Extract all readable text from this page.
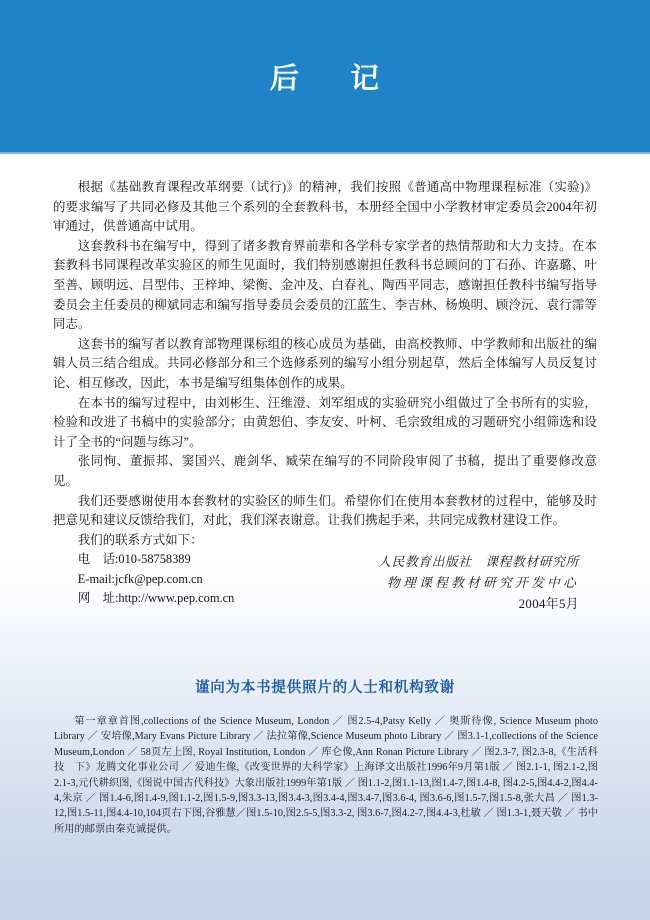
后 记

根据《基础教育课程改革纲要（试行)》的精神，我们按照《普通高中物理课程标准（实验)》的要求编写了共同必修及其他三个系列的全套教科书，本册经全国中小学教材审定委员会2004年初审通过，供普通高中试用。

这套教科书在编写中，得到了诸多教育界前辈和各学科专家学者的热情帮助和大力支持。在本套教科书同课程改革实验区的师生见面时，我们特别感谢担任教科书总顾问的丁石孙、许嘉璐、叶至善、顾明远、吕型伟、王梓坤、梁衡、金冲及、白春礼、陶西平同志，感谢担任教科书编写指导委员会主任委员的柳斌同志和编写指导委员会委员的江蓝生、李吉林、杨焕明、顾泠沅、袁行霈等同志。

这套书的编写者以教育部物理课标组的核心成员为基础，由高校教师、中学教师和出版社的编辑人员三结合组成。共同必修部分和三个选修系列的编写小组分别起草，然后全体编写人员反复讨论、相互修改，因此，本书是编写组集体创作的成果。

在本书的编写过程中，由刘彬生、汪维澄、刘军组成的实验研究小组做过了全书所有的实验，检验和改进了书稿中的实验部分；由黄恕伯、李友安、叶柯、毛宗致组成的习题研究小组筛选和设计了全书的“问题与练习”。

张同恂、董振邦、窦国兴、鹿剑华、臧荣在编写的不同阶段审阅了书稿，提出了重要修改意见。

我们还要感谢使用本套教材的实验区的师生们。希望你们在使用本套教材的过程中，能够及时把意见和建议反馈给我们，对此，我们深表谢意。让我们携起手来，共同完成教材建设工作。

我们的联系方式如下：

电　话:010-58758389

E-mail:jcfk@pep.com.cn

网　址:http://www.pep.com.cn

人民教育出版社　课程教材研究所
物理课程教材研究开发中心
2004年5月
谨向为本书提供照片的人士和机构致谢

第一章章首图,collections of the Science Museum, London ／ 图2.5-4,Patsy Kelly ／ 奥斯待像, Science Museum photo Library ／ 安培像,Mary Evans Picture Library ／ 法拉第像,Science Museum photo Library ／ 图3.1-1,collections of the Science Museum,London ／ 58页左上图, Royal Institution, London ／ 库仑像,Ann Ronan Picture Library ／ 图2.3-7, 图2.3-8,《生活科技　下》龙腾文化事业公司 ／ 爱迪生像,《改变世界的大科学家》上海译文出版社1996年9月第1版 ／ 图2.1-1, 图2.1-2,图2.1-3,元代耕织图,《图说中国古代科技》大象出版社1999年第1版 ／ 图1.1-2,图1.1-13,图1.4-7,图1.4-8, 图4.2-5,图4.4-2,图4.4-4,朱京 ／ 图1.4-6,图1.4-9,图1.1-2,图1.5-9,图3.3-13,图3.4-3,图3.4-4,图3.4-7,图3.6-4, 图3.6-6,图1.5-7,图1.5-8,张大昌 ／ 图1.3-12,图1.5-11,图4.4-10,104页右下图,谷雅慧／图1.5-10,图2.5-5,图3.3-2, 图3.6-7,图4.2-7,图4.4-3,杜敏 ／ 图1.3-1,聂天敬 ／ 书中所用的邮票由秦克诚提供。
